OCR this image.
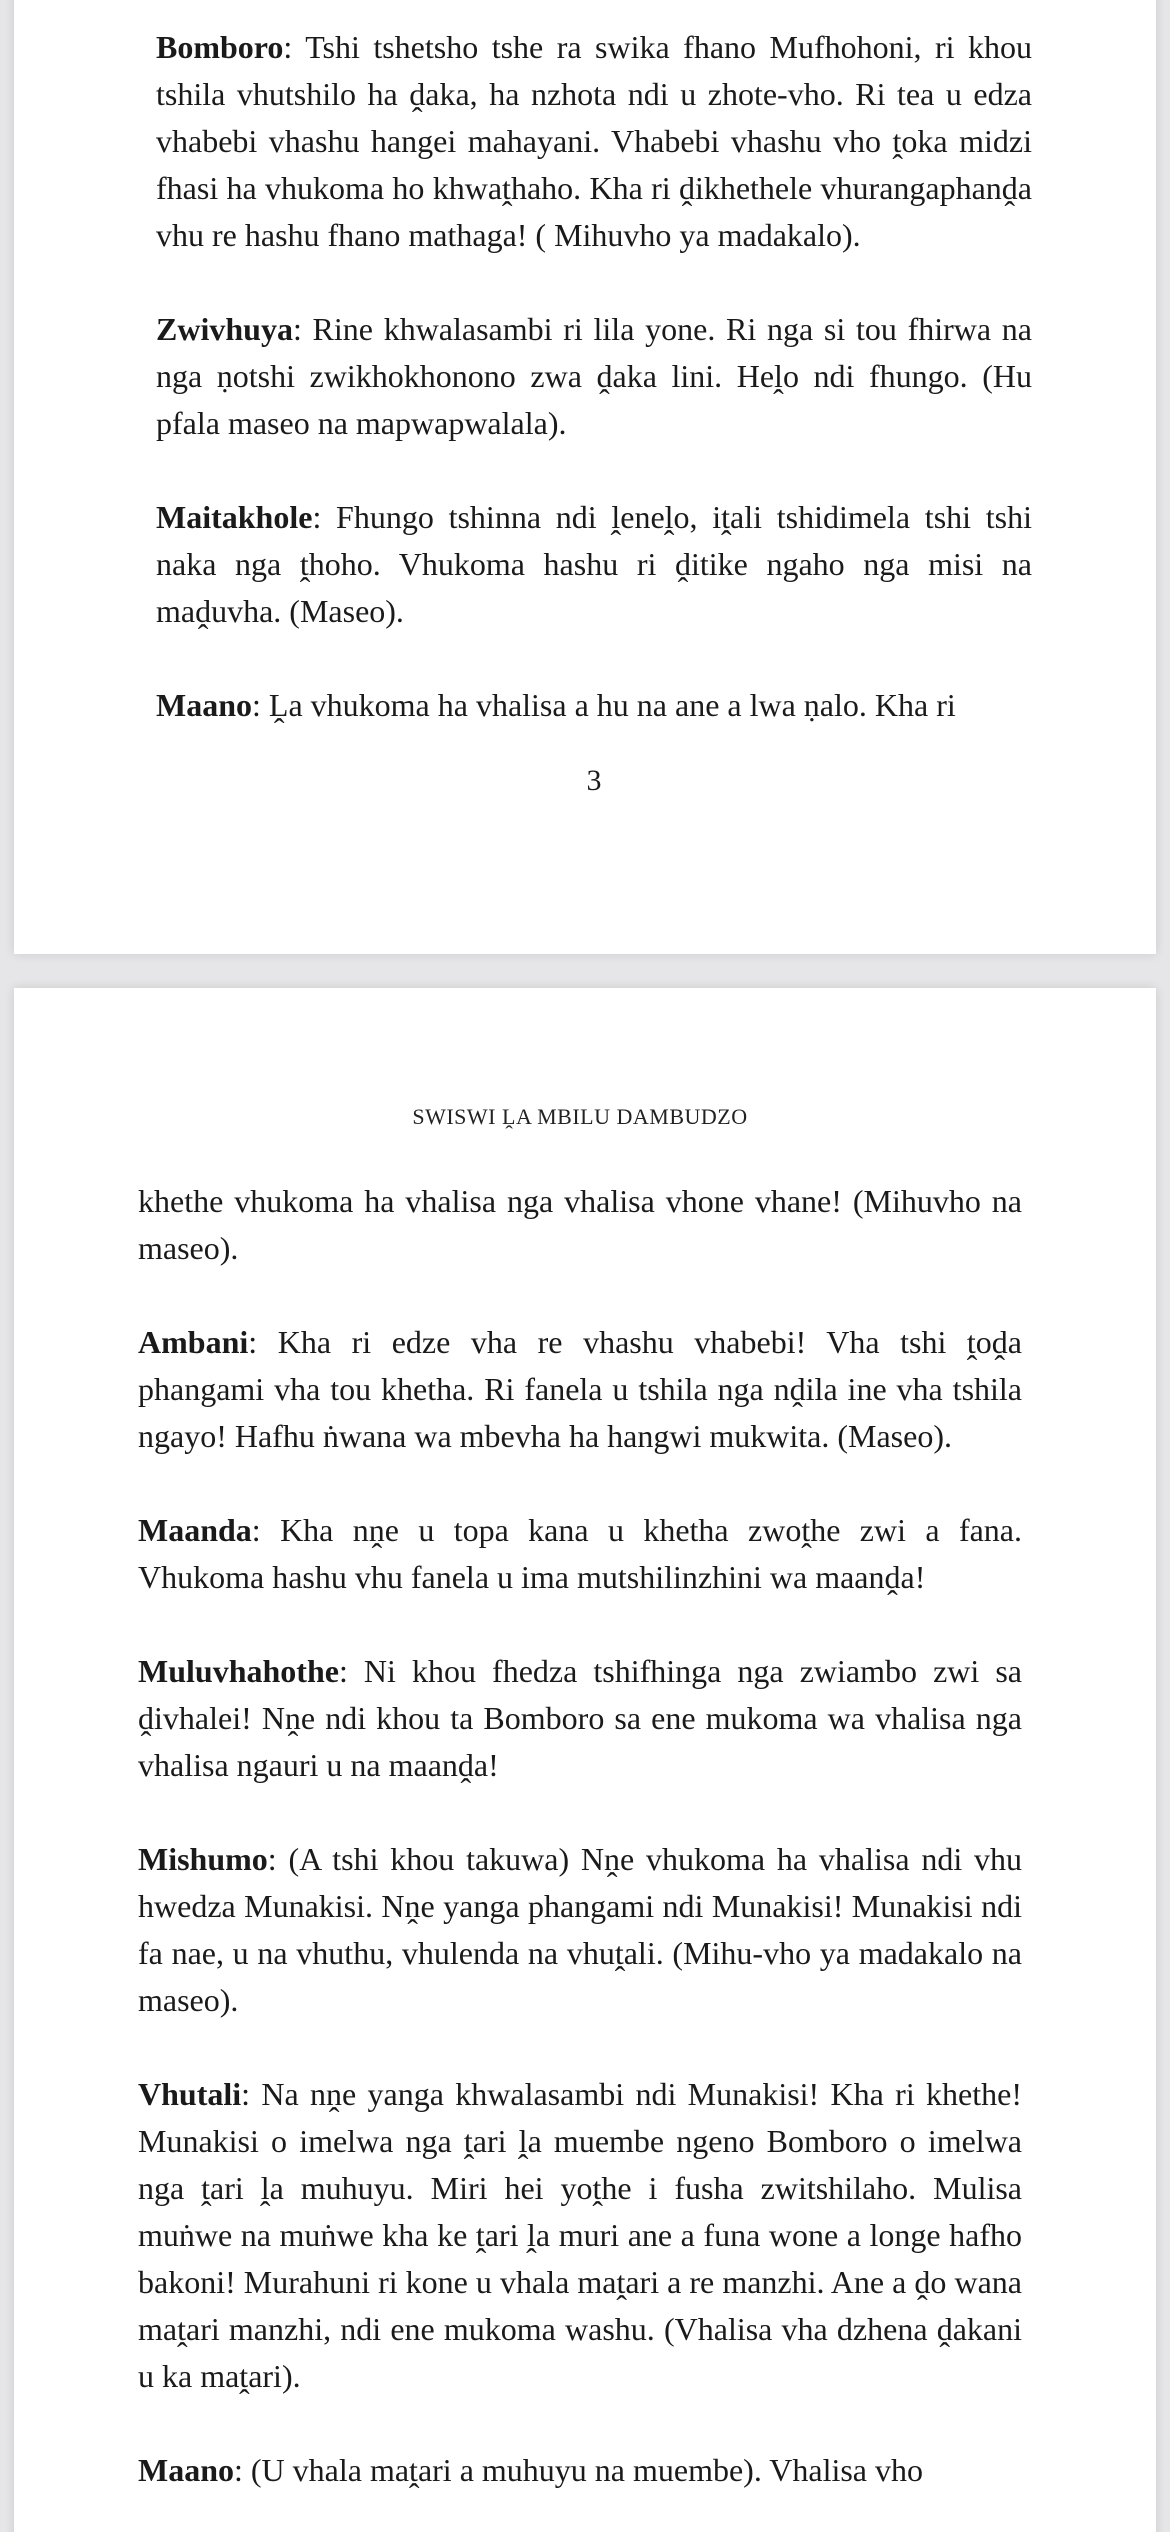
Bomboro: Tshi tshetsho tshe ra swika fhano Mufhohoni, ri khou tshila vhutshilo ha ḓaka, ha nzhota ndi u zhote-vho. Ri tea u edza vhabebi vhashu hangei mahayani. Vhabebi vhashu vho ṱoka midzi fhasi ha vhukoma ho khwaṱhaho. Kha ri ḓikhethele vhurangaphanḓa vhu re hashu fhano mathaga! ( Mihuvho ya madakalo).

Zwivhuya: Rine khwalasambi ri lila yone. Ri nga si tou fhirwa na nga ṇotshi zwikhokhonono zwa ḓaka lini. Heḽo ndi fhungo. (Hu pfala maseo na mapwapwalala).

Maitakhole: Fhungo tshinna ndi ḽeneḽo, iṱali tshidimela tshi tshi naka nga ṱhoho. Vhukoma hashu ri ḓitike ngaho nga misi na maḓuvha. (Maseo).

Maano: Ḽa vhukoma ha vhalisa a hu na ane a lwa ṇalo. Kha ri

3
SWISWI ḼA MBILU DAMBUDZO

khethe vhukoma ha vhalisa nga vhalisa vhone vhane! (Mihuvho na maseo).

Ambani: Kha ri edze vha re vhashu vhabebi! Vha tshi ṱoḓa phangami vha tou khetha. Ri fanela u tshila nga nḓila ine vha tshila ngayo! Hafhu ṅwana wa mbevha ha hangwi mukwita. (Maseo).

Maanda: Kha nṋe u topa kana u khetha zwoṱhe zwi a fana. Vhukoma hashu vhu fanela u ima mutshilinzhini wa maanḓa!

Muluvhahothe: Ni khou fhedza tshifhinga nga zwiambo zwi sa ḓivhalei! Nṋe ndi khou ta Bomboro sa ene mukoma wa vhalisa nga vhalisa ngauri u na maanḓa!

Mishumo: (A tshi khou takuwa) Nṋe vhukoma ha vhalisa ndi vhu hwedza Munakisi. Nṋe yanga phangami ndi Munakisi! Munakisi ndi fa nae, u na vhuthu, vhulenda na vhuṱali. (Mihu-vho ya madakalo na maseo).

Vhutali: Na nṋe yanga khwalasambi ndi Munakisi! Kha ri khethe! Munakisi o imelwa nga ṱari ḽa muembe ngeno Bomboro o imelwa nga ṱari ḽa muhuyu. Miri hei yoṱhe i fusha zwitshilaho. Mulisa muṅwe na muṅwe kha ke ṱari ḽa muri ane a funa wone a longe hafho bakoni! Murahuni ri kone u vhala maṱari a re manzhi. Ane a ḓo wana maṱari manzhi, ndi ene mukoma washu. (Vhalisa vha dzhena ḓakani u ka maṱari).

Maano: (U vhala maṱari a muhuyu na muembe). Vhalisa vho
